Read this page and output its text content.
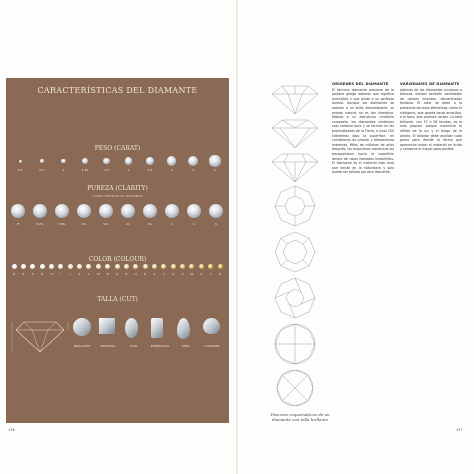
CARACTERÍSTICAS DEL DIAMANTE
PESO (CARAT)
0,2	0,5	1	1,25	1,5	2	2,5	3	4	5
PUREZA (CLARITY)
CARACTERÍSTICAS INTERNAS
IF	VVS₁	VVS₂	VS₁	VS₂	SI₁	SI₂	I₁	I₂	I₃
COLOR (COLOUR)
D	E	F	G	H	I	J	K	L	M	N	O	P	Q	R	S	T	U	V	W	X	Y	Z
TALLA (CUT)
BRILLANTE	PRINCESA	OVAL	ESMERALDA	PERA	CORAZÓN
136
Diversos esquemáticos de un diamante con talla brillante
ORÍGENES DEL DIAMANTE

El término diamante proviene de la palabra griega adamas que significa invencible y que alude a su perfecta dureza. Aunque los diamantes se asocian a un brillo deslumbrante, su estado natural no es tan llamativo. Debido a su estructura cristalina compacta, los diamantes contienen solo carbono puro y se forman en las profundidades de la Tierra, a unos 150 kilómetros bajo la superficie, en condiciones de presión y temperatura extremas. Miles de millones de años después, las erupciones volcánicas los transportaron hacia la superficie dentro de rocas llamadas kimberlitas. El diamante es el material más duro que existe en la naturaleza y solo puede ser tallado por otro diamante.

VARIEDADES DE DIAMANTE

Además de los diamantes incoloros o blancos, existen también variedades de colores intensos, denominadas fantasía. El color se debe a la presencia de otros elementos, como el nitrógeno, que aporta tonos amarillos, o el boro, que produce azules. La talla brillante, con 57 o 58 facetas, es la más popular porque maximiza el reflejo de la luz y el fuego de la piedra. El tallador debe analizar cada gema para decidir la forma que aprovecha mejor el material en bruto y conserva el mayor peso posible.

137
